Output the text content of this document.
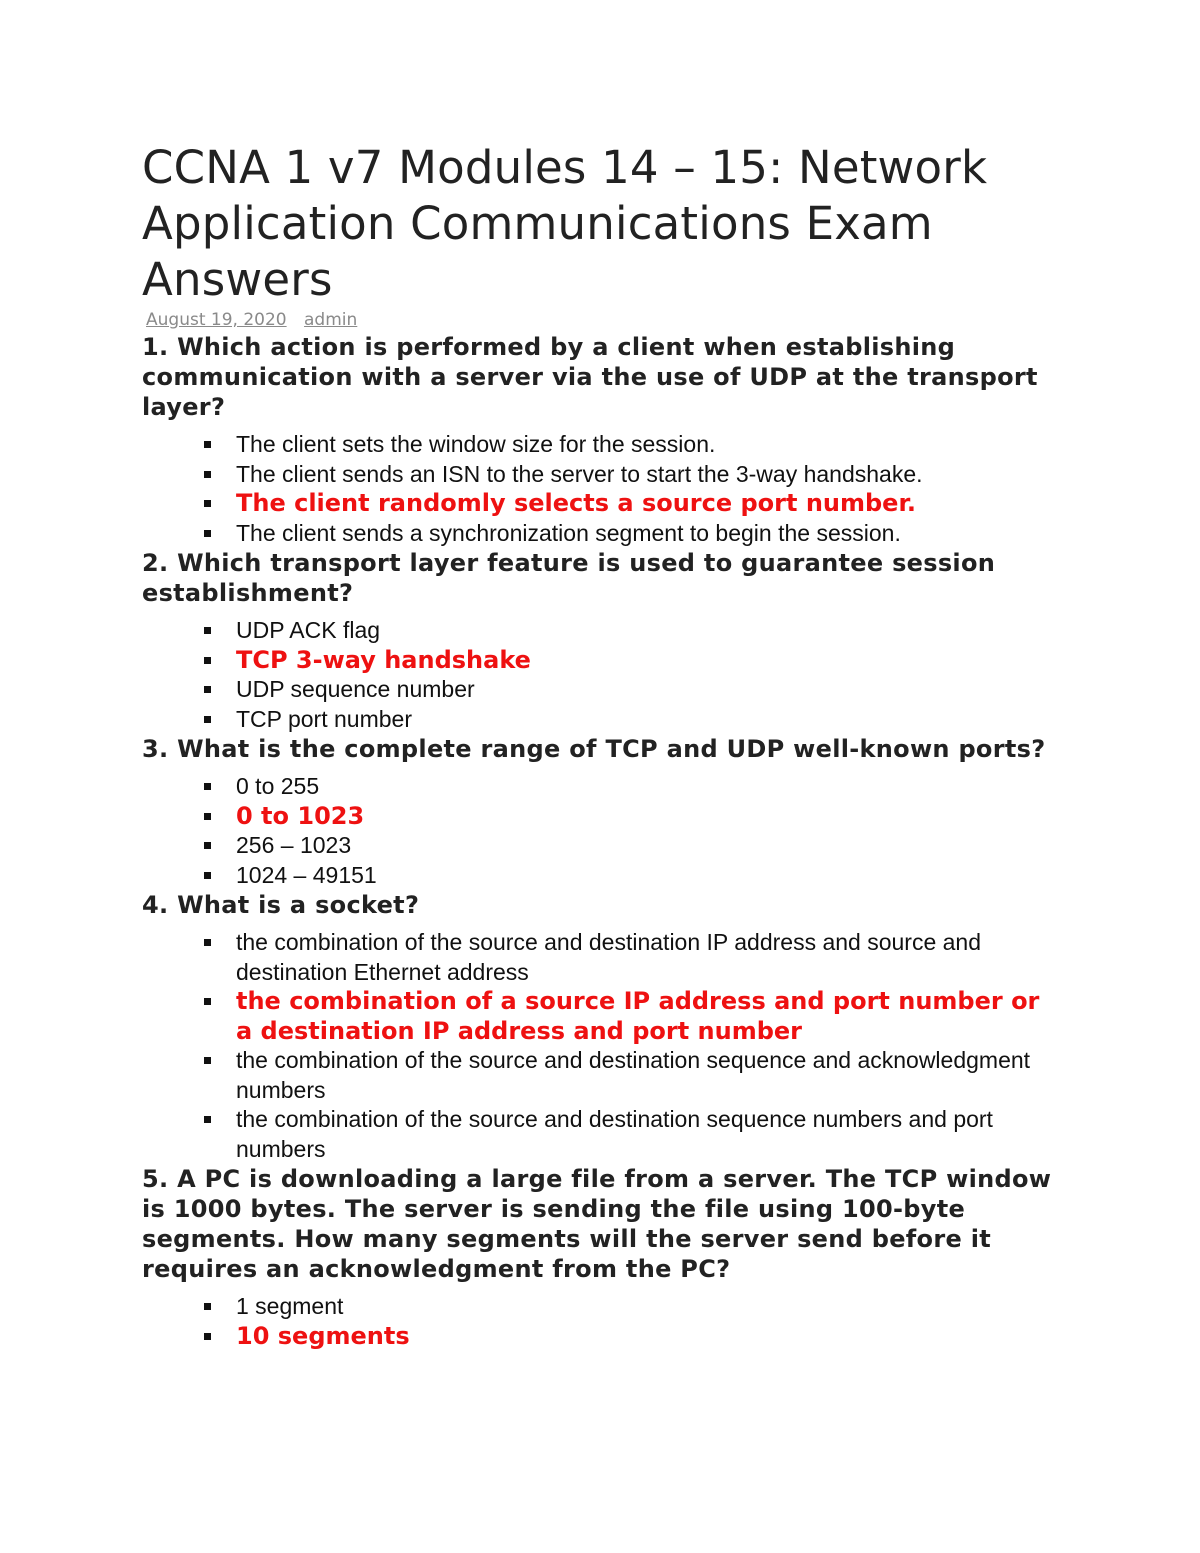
CCNA 1 v7 Modules 14 – 15: Network Application Communications Exam Answers
August 19, 2020 admin

1. Which action is performed by a client when establishing communication with a server via the use of UDP at the transport layer?

The client sets the window size for the session.
The client sends an ISN to the server to start the 3-way handshake.
The client randomly selects a source port number.
The client sends a synchronization segment to begin the session.

2. Which transport layer feature is used to guarantee session establishment?

UDP ACK flag
TCP 3-way handshake
UDP sequence number
TCP port number

3. What is the complete range of TCP and UDP well-known ports?

0 to 255
0 to 1023
256 – 1023
1024 – 49151

4. What is a socket?

the combination of the source and destination IP address and source and destination Ethernet address
the combination of a source IP address and port number or a destination IP address and port number
the combination of the source and destination sequence and acknowledgment numbers
the combination of the source and destination sequence numbers and port numbers

5. A PC is downloading a large file from a server. The TCP window is 1000 bytes. The server is sending the file using 100-byte segments. How many segments will the server send before it requires an acknowledgment from the PC?

1 segment
10 segments
